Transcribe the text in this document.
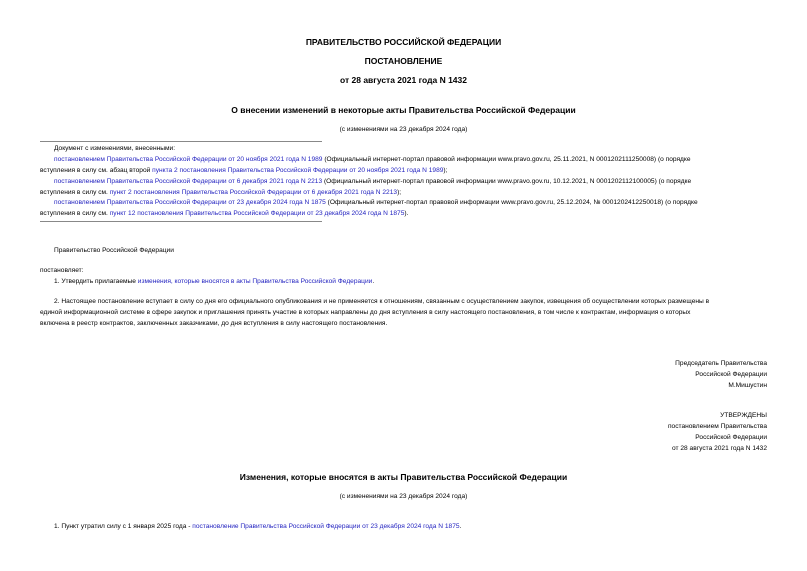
ПРАВИТЕЛЬСТВО РОССИЙСКОЙ ФЕДЕРАЦИИ
ПОСТАНОВЛЕНИЕ
от 28 августа 2021 года N 1432
О внесении изменений в некоторые акты Правительства Российской Федерации
(с изменениями на 23 декабря 2024 года)
Документ с изменениями, внесенными:
постановлением Правительства Российской Федерации от 20 ноября 2021 года N 1989 (Официальный интернет-портал правовой информации www.pravo.gov.ru, 25.11.2021, N 0001202111250008) (о порядке
вступления в силу см. абзац второй пункта 2 постановления Правительства Российской Федерации от 20 ноября 2021 года N 1989);
постановлением Правительства Российской Федерации от 6 декабря 2021 года N 2213 (Официальный интернет-портал правовой информации www.pravo.gov.ru, 10.12.2021, N 0001202112100005) (о порядке
вступления в силу см. пункт 2 постановления Правительства Российской Федерации от 6 декабря 2021 года N 2213);
постановлением Правительства Российской Федерации от 23 декабря 2024 года N 1875 (Официальный интернет-портал правовой информации www.pravo.gov.ru, 25.12.2024, № 0001202412250018) (о порядке
вступления в силу см. пункт 12 постановления Правительства Российской Федерации от 23 декабря 2024 года N 1875).
Правительство Российской Федерации
постановляет:
1. Утвердить прилагаемые изменения, которые вносятся в акты Правительства Российской Федерации.
2. Настоящее постановление вступает в силу со дня его официального опубликования и не применяется к отношениям, связанным с осуществлением закупок, извещения об осуществлении которых размещены в
единой информационной системе в сфере закупок и приглашения принять участие в которых направлены до дня вступления в силу настоящего постановления, в том числе к контрактам, информация о которых
включена в реестр контрактов, заключенных заказчиками, до дня вступления в силу настоящего постановления.
Председатель Правительства
Российской Федерации
М.Мишустин
УТВЕРЖДЕНЫ
постановлением Правительства
Российской Федерации
от 28 августа 2021 года N 1432
Изменения, которые вносятся в акты Правительства Российской Федерации
(с изменениями на 23 декабря 2024 года)
1. Пункт утратил силу с 1 января 2025 года - постановление Правительства Российской Федерации от 23 декабря 2024 года N 1875.
